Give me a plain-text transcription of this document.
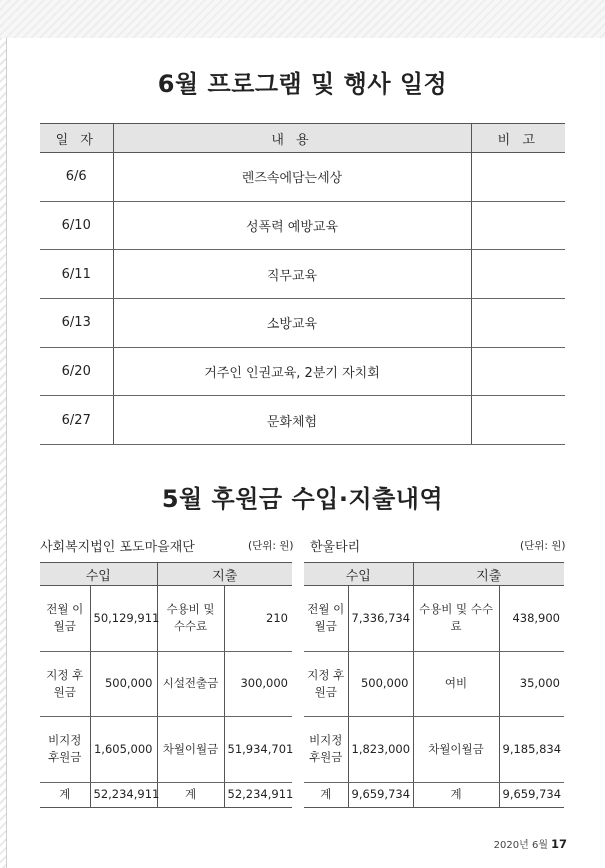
6월 프로그램 및 행사 일정
일 자	내 용	비 고
6/6	렌즈속에담는세상	
6/10	성폭력 예방교육	
6/11	직무교육	
6/13	소방교육	
6/20	거주인 인권교육, 2분기 자치회	
6/27	문화체험	
5월 후원금 수입·지출내역
사회복지법인 포도마을재단	(단위: 원) 한울타리	(단위: 원)
수입		지출	
전월 이월금	50,129,911	수용비 및 수수료	210
지정 후원금	500,000	시설전출금	300,000
비지정 후원금	1,605,000	차월이월금	51,934,701
계	52,234,911	계	52,234,911
수입		지출	
전월 이월금	7,336,734	수용비 및 수수료	438,900
지정 후원금	500,000	여비	35,000
비지정 후원금	1,823,000	차월이월금	9,185,834
계	9,659,734	계	9,659,734
2020년 6월 17
